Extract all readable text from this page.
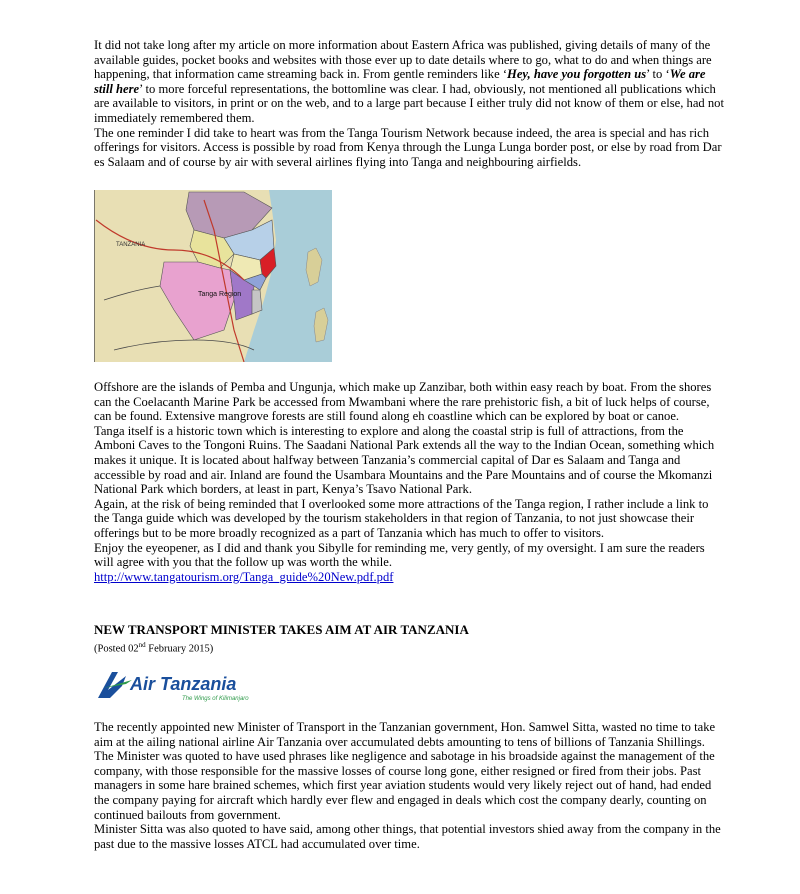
It did not take long after my article on more information about Eastern Africa was published, giving details of many of the available guides, pocket books and websites with those ever up to date details where to go, what to do and when things are happening, that information came streaming back in. From gentle reminders like ‘Hey, have you forgotten us’ to ‘We are still here’ to more forceful representations, the bottomline was clear. I had, obviously, not mentioned all publications which are available to visitors, in print or on the web, and to a large part because I either truly did not know of them or else, had not immediately remembered them.

The one reminder I did take to heart was from the Tanga Tourism Network because indeed, the area is special and has rich offerings for visitors. Access is possible by road from Kenya through the Lunga Lunga border post, or else by road from Dar es Salaam and of course by air with several airlines flying into Tanga and neighbouring airfields.

TANZANIA
Tanga Region

Offshore are the islands of Pemba and Ungunja, which make up Zanzibar, both within easy reach by boat. From the shores can the Coelacanth Marine Park be accessed from Mwambani where the rare prehistoric fish, a bit of luck helps of course, can be found. Extensive mangrove forests are still found along eh coastline which can be explored by boat or canoe.

Tanga itself is a historic town which is interesting to explore and along the coastal strip is full of attractions, from the Amboni Caves to the Tongoni Ruins. The Saadani National Park extends all the way to the Indian Ocean, something which makes it unique. It is located about halfway between Tanzania’s commercial capital of Dar es Salaam and Tanga and accessible by road and air. Inland are found the Usambara Mountains and the Pare Mountains and of course the Mkomanzi National Park which borders, at least in part, Kenya’s Tsavo National Park.

Again, at the risk of being reminded that I overlooked some more attractions of the Tanga region, I rather include a link to the Tanga guide which was developed by the tourism stakeholders in that region of Tanzania, to not just showcase their offerings but to be more broadly recognized as a part of Tanzania which has much to offer to visitors.

Enjoy the eyeopener, as I did and thank you Sibylle for reminding me, very gently, of my oversight. I am sure the readers will agree with you that the follow up was worth the while.

http://www.tangatourism.org/Tanga_guide%20New.pdf.pdf

NEW TRANSPORT MINISTER TAKES AIM AT AIR TANZANIA
(Posted 02nd February 2015)
Air Tanzania
The Wings of Kilimanjaro

The recently appointed new Minister of Transport in the Tanzanian government, Hon. Samwel Sitta, wasted no time to take aim at the ailing national airline Air Tanzania over accumulated debts amounting to tens of billions of Tanzania Shillings.

The Minister was quoted to have used phrases like negligence and sabotage in his broadside against the management of the company, with those responsible for the massive losses of course long gone, either resigned or fired from their jobs. Past managers in some hare brained schemes, which first year aviation students would very likely reject out of hand, had ended the company paying for aircraft which hardly ever flew and engaged in deals which cost the company dearly, counting on continued bailouts from government.

Minister Sitta was also quoted to have said, among other things, that potential investors shied away from the company in the past due to the massive losses ATCL had accumulated over time.
